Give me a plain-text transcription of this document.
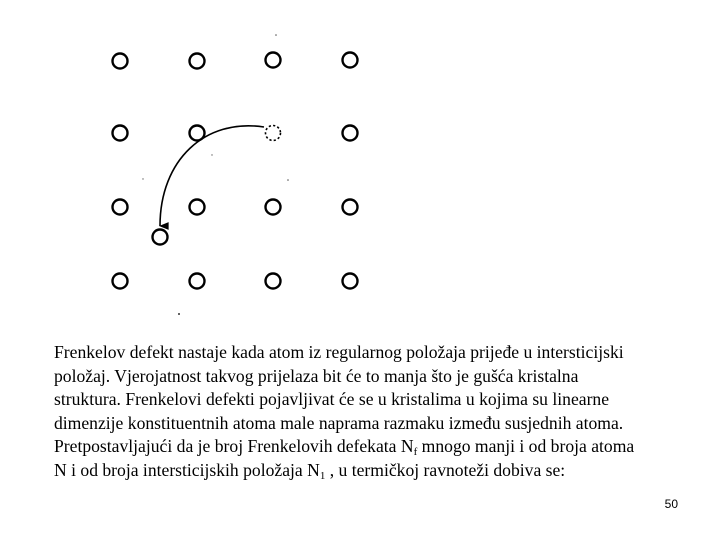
Frenkelov defekt nastaje kada atom iz regularnog položaja prijeđe u intersticijski
položaj. Vjerojatnost takvog prijelaza bit će to manja što je gušća kristalna
struktura. Frenkelovi defekti pojavljivat će se u kristalima u kojima su linearne
dimenzije konstituentnih atoma male naprama razmaku između susjednih atoma.
Pretpostavljajući da je broj Frenkelovih defekata $N_f$ mnogo manji i od broja atoma
N i od broja intersticijskih položaja $N_1$ , u termičkoj ravnoteži dobiva se:
50
